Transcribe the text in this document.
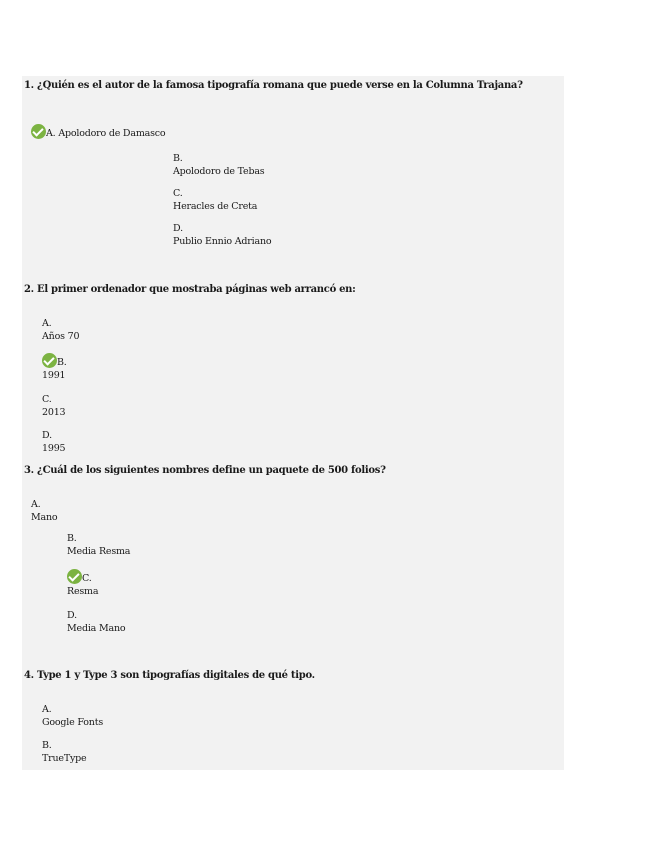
1. ¿Quién es el autor de la famosa tipografía romana que puede verse en la Columna Trajana?
A. Apolodoro de Damasco
B.
Apolodoro de Tebas
C.
Heracles de Creta
D.
Publio Ennio Adriano
2. El primer ordenador que mostraba páginas web arrancó en:
A.
Años 70
B.
1991
C.
2013
D.
1995
3. ¿Cuál de los siguientes nombres define un paquete de 500 folios?
A.
Mano
B.
Media Resma
C.
Resma
D.
Media Mano
4. Type 1 y Type 3 son tipografías digitales de qué tipo.
A.
Google Fonts
B.
TrueType
